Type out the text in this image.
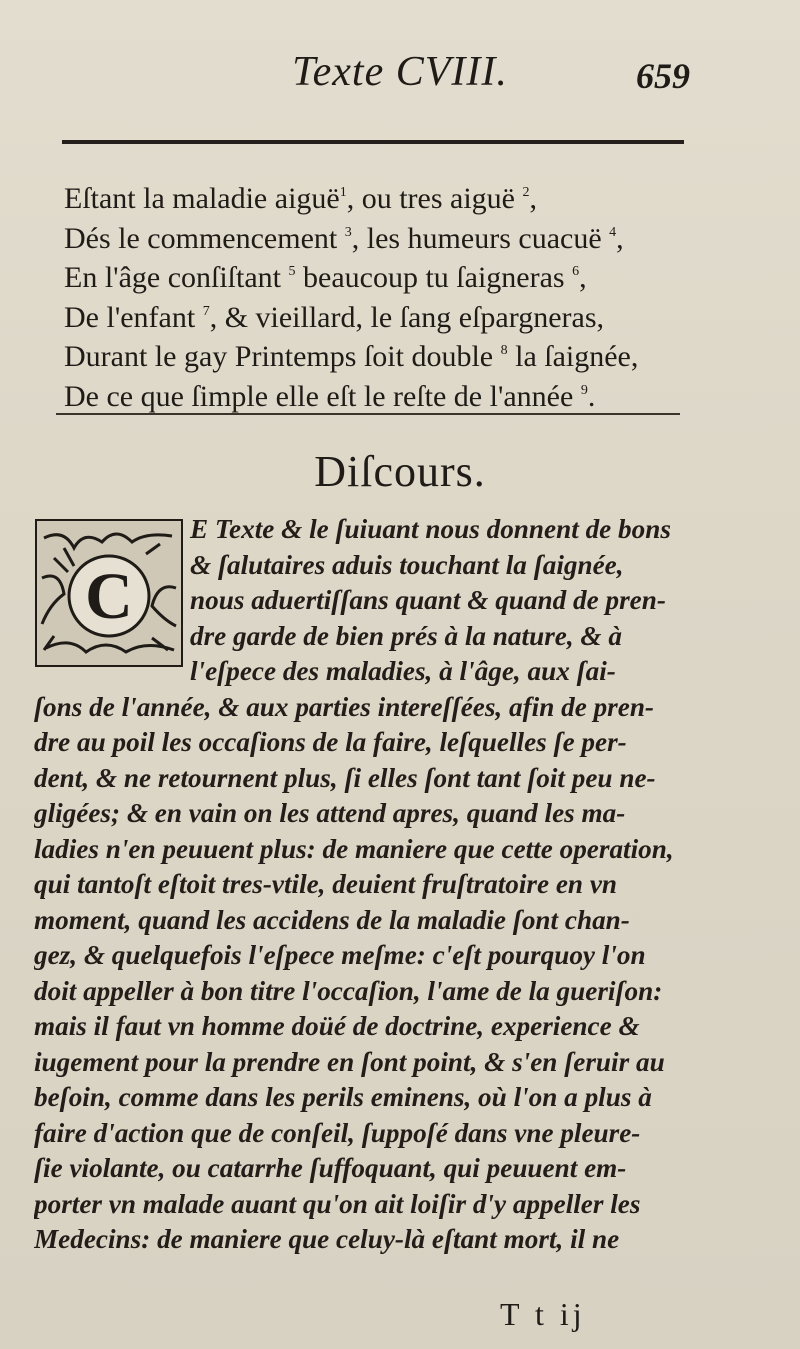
Texte CVIII.	659
Eſtant la maladie aiguë$^1$, ou tres aiguë $^2$,
Dés le commencement $^3$, les humeurs cuacuë $^4$,
En l'âge conſiſtant $^5$ beaucoup tu ſaigneras $^6$,
De l'enfant $^7$, & vieillard, le ſang eſpargneras,
Durant le gay Printemps ſoit double $^8$ la ſaignée,
De ce que ſimple elle eſt le reſte de l'année $^9$.
Diſcours.
C
E Texte & le ſuiuant nous donnent de bons
& ſalutaires aduis touchant la ſaignée,
nous aduertiſſans quant & quand de pren-
dre garde de bien prés à la nature, & à
l'eſpece des maladies, à l'âge, aux ſai-
ſons de l'année, & aux parties intereſſées, afin de pren-
dre au poil les occaſions de la faire, leſquelles ſe per-
dent, & ne retournent plus, ſi elles ſont tant ſoit peu ne-
gligées; & en vain on les attend apres, quand les ma-
ladies n'en peuuent plus: de maniere que cette operation,
qui tantoſt eſtoit tres-vtile, deuient fruſtratoire en vn
moment, quand les accidens de la maladie ſont chan-
gez, & quelquefois l'eſpece meſme: c'eſt pourquoy l'on
doit appeller à bon titre l'occaſion, l'ame de la gueriſon:
mais il faut vn homme doüé de doctrine, experience &
iugement pour la prendre en ſont point, & s'en ſeruir au
beſoin, comme dans les perils eminens, où l'on a plus à
faire d'action que de conſeil, ſuppoſé dans vne pleure-
ſie violante, ou catarrhe ſuffoquant, qui peuuent em-
porter vn malade auant qu'on ait loiſir d'y appeller les
Medecins: de maniere que celuy-là eſtant mort, il ne
T t ij
